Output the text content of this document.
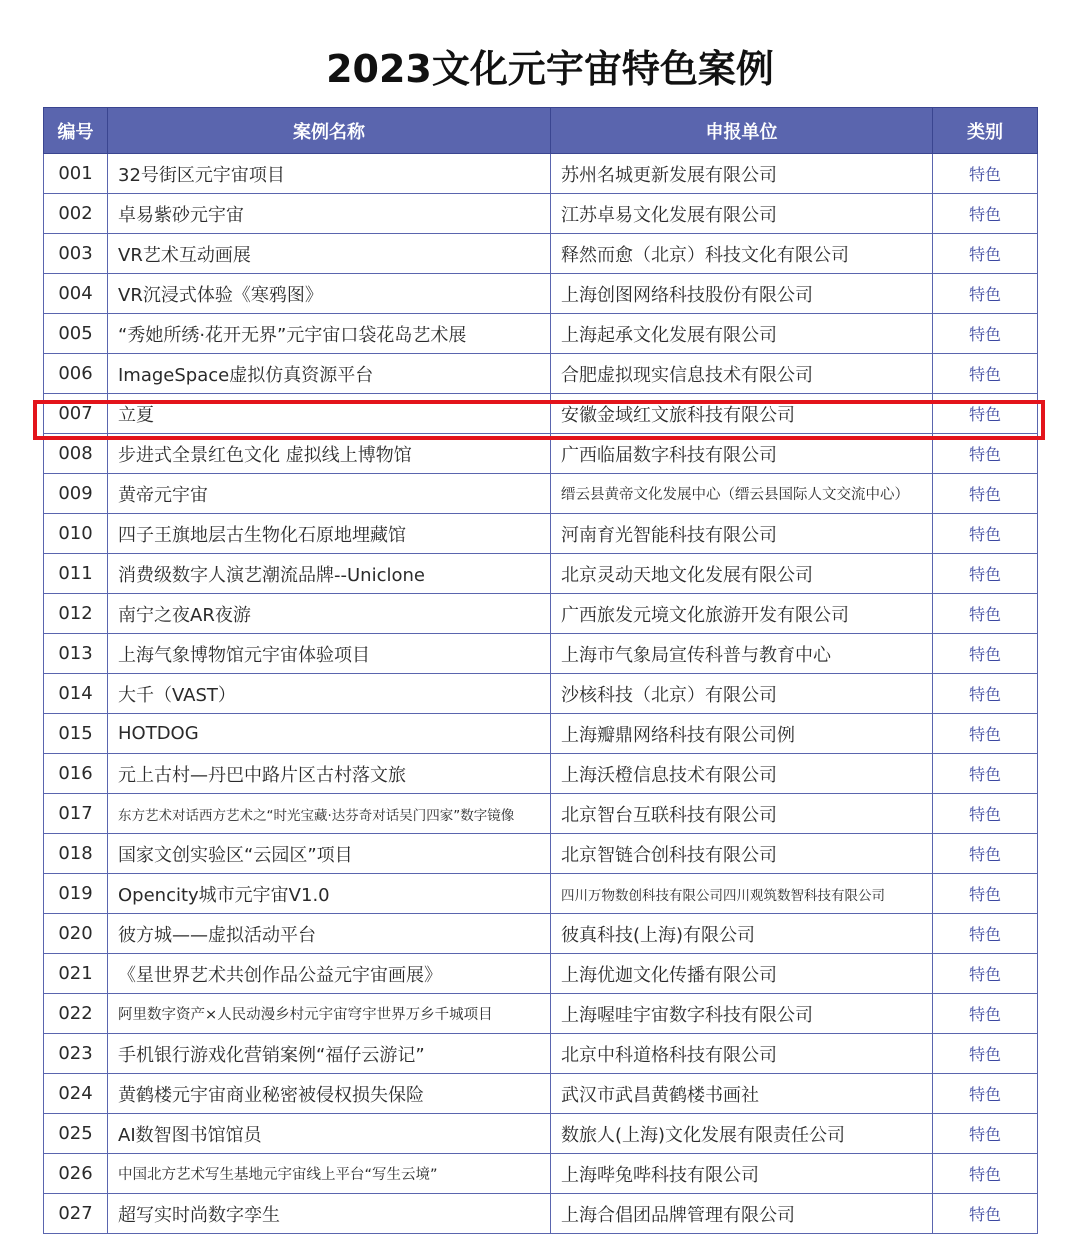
2023文化元宇宙特色案例
编号	案例名称	申报单位	类别
001	32号街区元宇宙项目	苏州名城更新发展有限公司	特色
002	卓易紫砂元宇宙	江苏卓易文化发展有限公司	特色
003	VR艺术互动画展	释然而愈（北京）科技文化有限公司	特色
004	VR沉浸式体验《寒鸦图》	上海创图网络科技股份有限公司	特色
005	“秀她所绣·花开无界”元宇宙口袋花岛艺术展	上海起承文化发展有限公司	特色
006	ImageSpace虚拟仿真资源平台	合肥虚拟现实信息技术有限公司	特色
007	立夏	安徽金域红文旅科技有限公司	特色
008	步进式全景红色文化 虚拟线上博物馆	广西临届数字科技有限公司	特色
009	黄帝元宇宙	缙云县黄帝文化发展中心（缙云县国际人文交流中心）	特色
010	四子王旗地层古生物化石原地埋藏馆	河南育光智能科技有限公司	特色
011	消费级数字人演艺潮流品牌--Uniclone	北京灵动天地文化发展有限公司	特色
012	南宁之夜AR夜游	广西旅发元境文化旅游开发有限公司	特色
013	上海气象博物馆元宇宙体验项目	上海市气象局宣传科普与教育中心	特色
014	大千（VAST）	沙核科技（北京）有限公司	特色
015	HOTDOG	上海瓣鼎网络科技有限公司例	特色
016	元上古村—丹巴中路片区古村落文旅	上海沃橙信息技术有限公司	特色
017	东方艺术对话西方艺术之“时光宝藏·达芬奇对话吴门四家”数字镜像	北京智台互联科技有限公司	特色
018	国家文创实验区“云园区”项目	北京智链合创科技有限公司	特色
019	Opencity城市元宇宙V1.0	四川万物数创科技有限公司四川观筑数智科技有限公司	特色
020	彼方城——虚拟活动平台	彼真科技(上海)有限公司	特色
021	《星世界艺术共创作品公益元宇宙画展》	上海优迦文化传播有限公司	特色
022	阿里数字资产×人民动漫乡村元宇宙穹宇世界万乡千城项目	上海喔哇宇宙数字科技有限公司	特色
023	手机银行游戏化营销案例“福仔云游记”	北京中科道格科技有限公司	特色
024	黄鹤楼元宇宙商业秘密被侵权损失保险	武汉市武昌黄鹤楼书画社	特色
025	AI数智图书馆馆员	数旅人(上海)文化发展有限责任公司	特色
026	中国北方艺术写生基地元宇宙线上平台“写生云境”	上海哔兔哔科技有限公司	特色
027	超写实时尚数字孪生	上海合倡团品牌管理有限公司	特色
